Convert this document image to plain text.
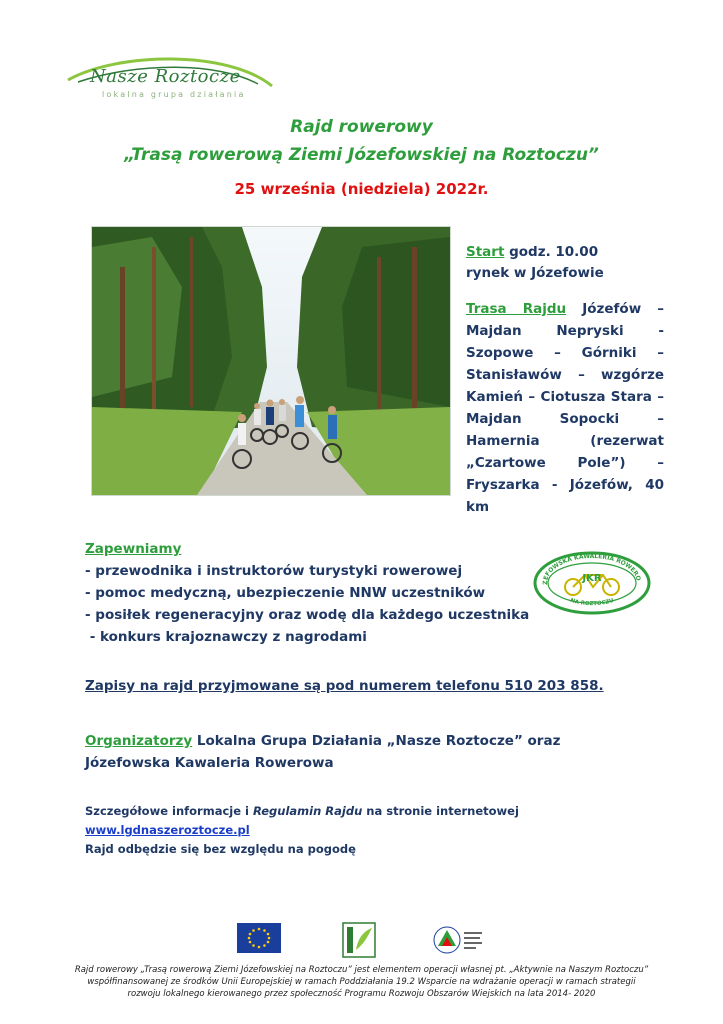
Nasze Roztocze
lokalna grupa działania
Rajd rowerowy
„Trasą rowerową Ziemi Józefowskiej na Roztoczu”
25 września (niedziela) 2022r.
Start godz. 10.00
rynek w Józefowie
Trasa Rajdu Józefów – Majdan Nepryski - Szopowe – Górniki – Stanisławów – wzgórze Kamień – Ciotusza Stara – Majdan Sopocki – Hamernia (rezerwat „Czartowe Pole”) – Fryszarka - Józefów, 40 km
Zapewniamy
- przewodnika i instruktorów turystyki rowerowej
- pomoc medyczną, ubezpieczenie NNW uczestników
- posiłek regeneracyjny oraz wodę dla każdego uczestnika
- konkurs krajoznawczy z nagrodami
ZEFOWSKA KAWALERIA ROWERO
NA ROZTOCZU
JKR
Zapisy na rajd przyjmowane są pod numerem telefonu 510 203 858.
Organizatorzy Lokalna Grupa Działania „Nasze Roztocze” oraz Józefowska Kawaleria Rowerowa
Szczegółowe informacje i Regulamin Rajdu na stronie internetowej
www.lgdnaszeroztocze.pl
Rajd odbędzie się bez względu na pogodę
Rajd rowerowy „Trasą rowerową Ziemi Józefowskiej na Roztoczu” jest elementem operacji własnej pt. „Aktywnie na Naszym Roztoczu” współfinansowanej ze środków Unii Europejskiej w ramach Poddziałania 19.2 Wsparcie na wdrażanie operacji w ramach strategii rozwoju lokalnego kierowanego przez społeczność Programu Rozwoju Obszarów Wiejskich na lata 2014- 2020
